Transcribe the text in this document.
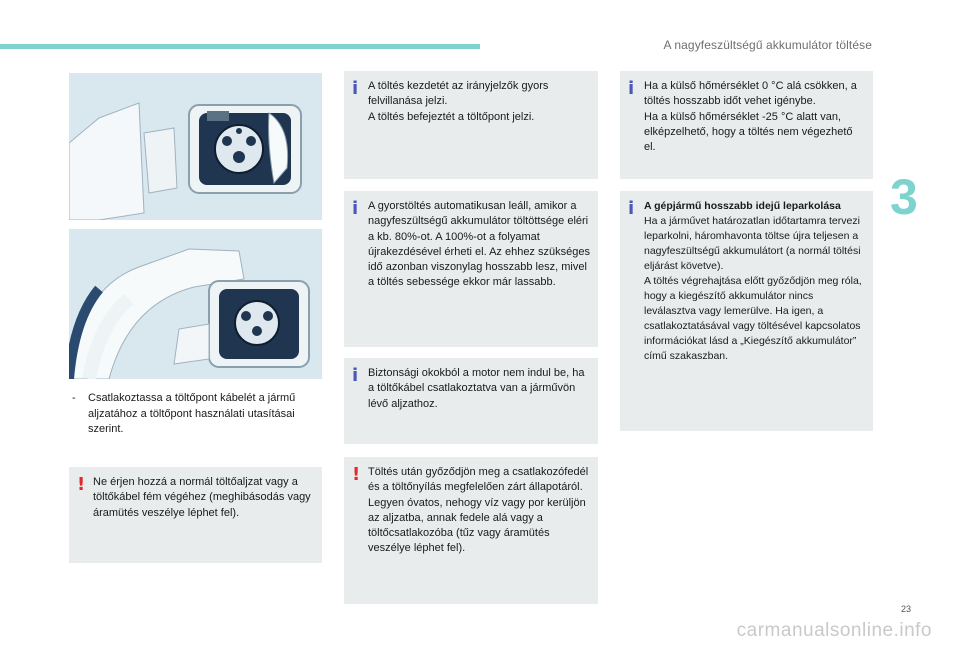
A nagyfeszültségű akkumulátor töltése
3
-	Csatlakoztassa a töltőpont kábelét a jármű aljzatához a töltőpont használati utasításai szerint.
! Ne érjen hozzá a normál töltőaljzat vagy a töltőkábel fém végéhez (meghibásodás vagy áramütés veszélye léphet fel).
i A töltés kezdetét az irányjelzők gyors felvillanása jelzi.

A töltés befejeztét a töltőpont jelzi.

i A gyorstöltés automatikusan leáll, amikor a nagyfeszültségű akkumulátor töltöttsége eléri a kb. 80%-ot. A 100%-ot a folyamat újrakezdésével érheti el. Az ehhez szükséges idő azonban viszonylag hosszabb lesz, mivel a töltés sebessége ekkor már lassabb.
i Biztonsági okokból a motor nem indul be, ha a töltőkábel csatlakoztatva van a járművön lévő aljzathoz.
! Töltés után győződjön meg a csatlakozófedél és a töltőnyílás megfelelően zárt állapotáról.

Legyen óvatos, nehogy víz vagy por kerüljön az aljzatba, annak fedele alá vagy a töltőcsatlakozóba (tűz vagy áramütés veszélye léphet fel).

i Ha a külső hőmérséklet 0 °C alá csökken, a töltés hosszabb időt vehet igénybe.

Ha a külső hőmérséklet -25 °C alatt van, elképzelhető, hogy a töltés nem végezhető el.

i A gépjármű hosszabb idejű leparkolása

Ha a járművet határozatlan időtartamra tervezi leparkolni, háromhavonta töltse újra teljesen a nagyfeszültségű akkumulátort (a normál töltési eljárást követve).

A töltés végrehajtása előtt győződjön meg róla, hogy a kiegészítő akkumulátor nincs leválasztva vagy lemerülve. Ha igen, a csatlakoztatásával vagy töltésével kapcsolatos információkat lásd a „Kiegészítő akkumulátor” című szakaszban.

23
carmanualsonline.info
